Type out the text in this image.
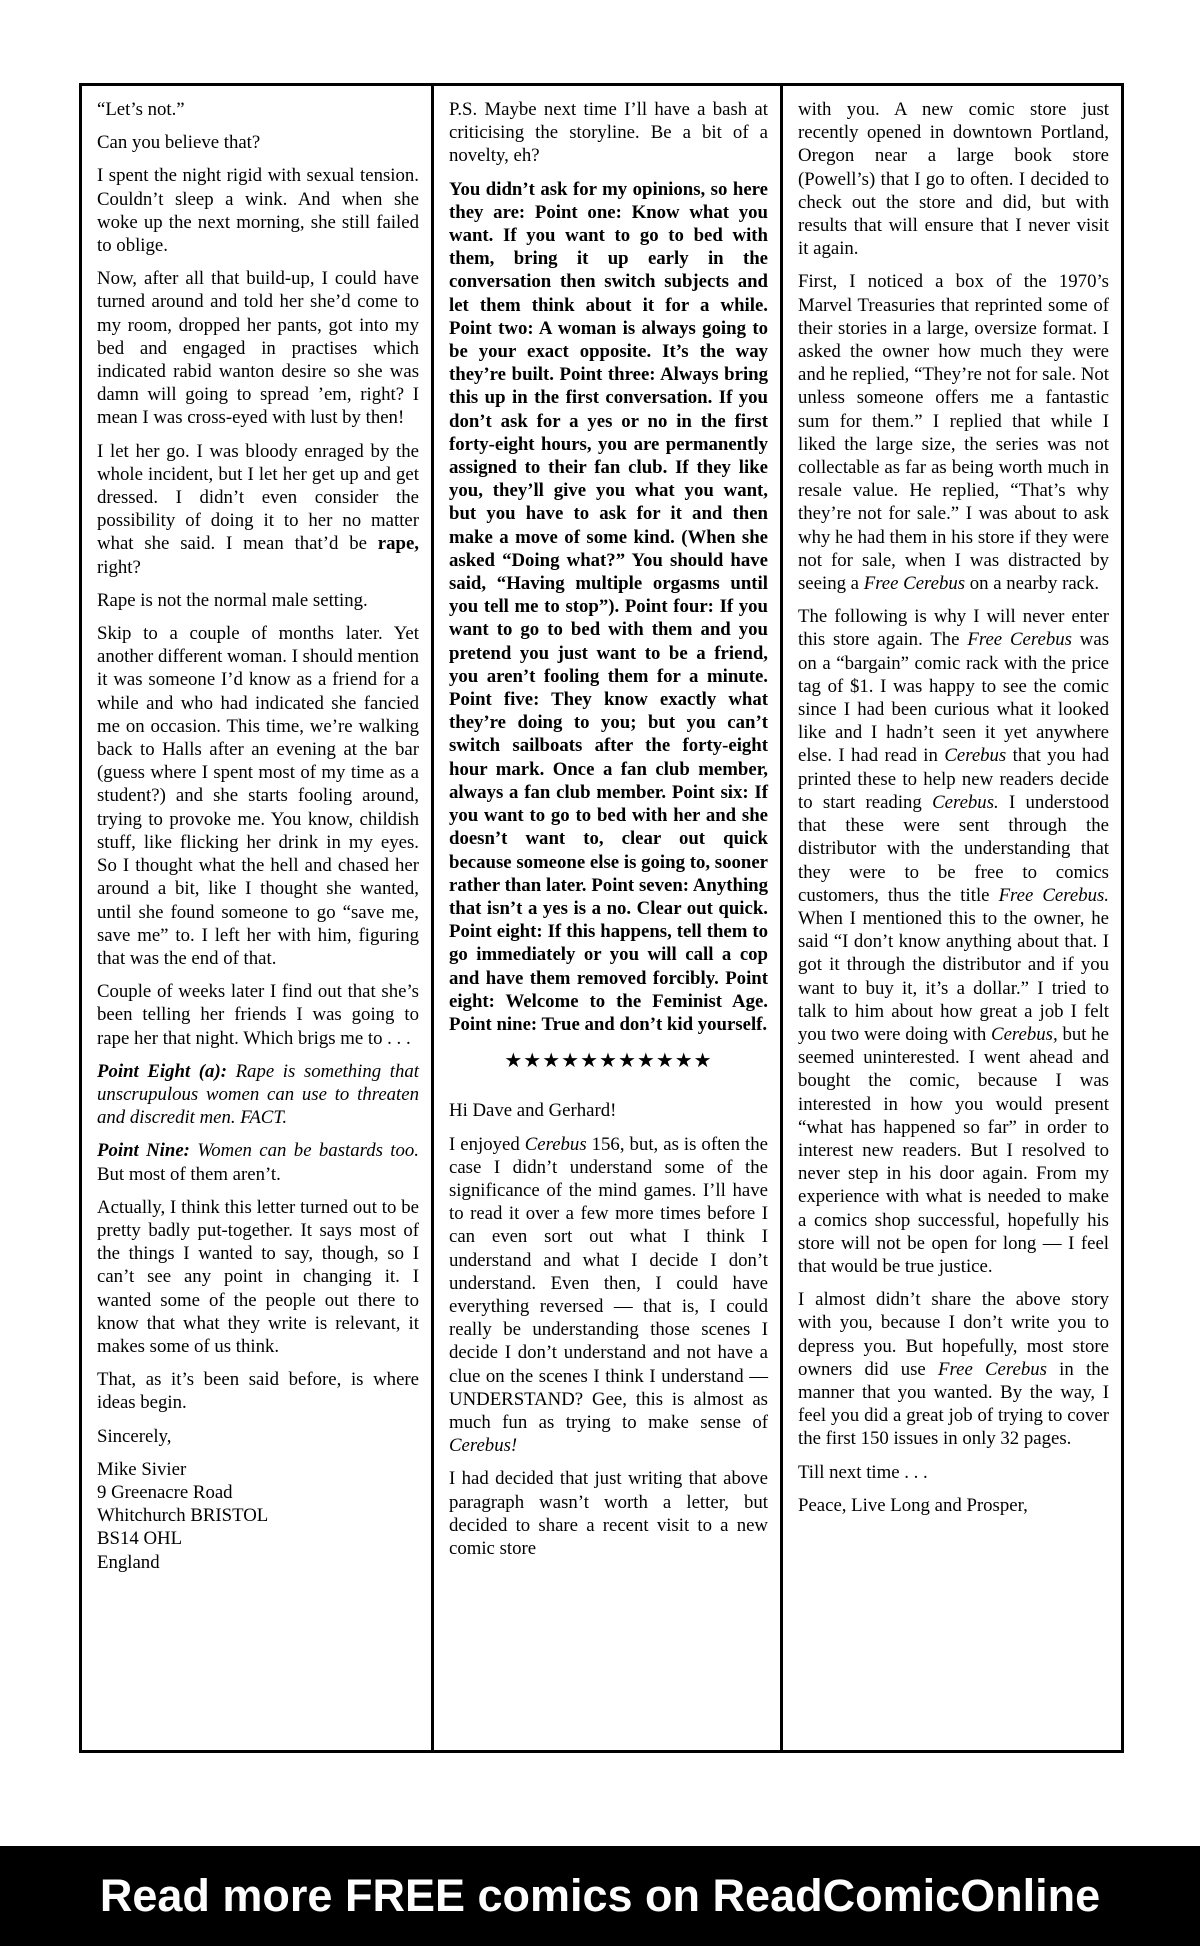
“Let’s not.”

Can you believe that?

I spent the night rigid with sexual tension. Couldn’t sleep a wink. And when she woke up the next morning, she still failed to oblige.

Now, after all that build-up, I could have turned around and told her she’d come to my room, dropped her pants, got into my bed and engaged in practises which indicated rabid wanton desire so she was damn will going to spread ’em, right? I mean I was cross-eyed with lust by then!

I let her go. I was bloody enraged by the whole incident, but I let her get up and get dressed. I didn’t even consider the possibility of doing it to her no matter what she said. I mean that’d be rape, right?

Rape is not the normal male setting.

Skip to a couple of months later. Yet another different woman. I should mention it was someone I’d know as a friend for a while and who had indicated she fancied me on occasion. This time, we’re walking back to Halls after an evening at the bar (guess where I spent most of my time as a student?) and she starts fooling around, trying to provoke me. You know, childish stuff, like flicking her drink in my eyes. So I thought what the hell and chased her around a bit, like I thought she wanted, until she found someone to go “save me, save me” to. I left her with him, figuring that was the end of that.

Couple of weeks later I find out that she’s been telling her friends I was going to rape her that night. Which brigs me to . . .

Point Eight (a): Rape is something that unscrupulous women can use to threaten and discredit men. FACT.

Point Nine: Women can be bastards too. But most of them aren’t.

Actually, I think this letter turned out to be pretty badly put-together. It says most of the things I wanted to say, though, so I can’t see any point in changing it. I wanted some of the people out there to know that what they write is relevant, it makes some of us think.

That, as it’s been said before, is where ideas begin.

Sincerely,

Mike Sivier

9 Greenacre Road

Whitchurch BRISTOL

BS14 OHL

England

P.S. Maybe next time I’ll have a bash at criticising the storyline. Be a bit of a novelty, eh?

You didn’t ask for my opinions, so here they are: Point one: Know what you want. If you want to go to bed with them, bring it up early in the conversation then switch subjects and let them think about it for a while. Point two: A woman is always going to be your exact opposite. It’s the way they’re built. Point three: Always bring this up in the first conversation. If you don’t ask for a yes or no in the first forty-eight hours, you are permanently assigned to their fan club. If they like you, they’ll give you what you want, but you have to ask for it and then make a move of some kind. (When she asked “Doing what?” You should have said, “Having multiple orgasms until you tell me to stop”). Point four: If you want to go to bed with them and you pretend you just want to be a friend, you aren’t fooling them for a minute. Point five: They know exactly what they’re doing to you; but you can’t switch sailboats after the forty-eight hour mark. Once a fan club member, always a fan club member. Point six: If you want to go to bed with her and she doesn’t want to, clear out quick because someone else is going to, sooner rather than later. Point seven: Anything that isn’t a yes is a no. Clear out quick. Point eight: If this happens, tell them to go immediately or you will call a cop and have them removed forcibly. Point eight: Welcome to the Feminist Age. Point nine: True and don’t kid yourself.

★★★★★★★★★★★

Hi Dave and Gerhard!

I enjoyed Cerebus 156, but, as is often the case I didn’t understand some of the significance of the mind games. I’ll have to read it over a few more times before I can even sort out what I think I understand and what I decide I don’t understand. Even then, I could have everything reversed — that is, I could really be understanding those scenes I decide I don’t understand and not have a clue on the scenes I think I understand — UNDERSTAND? Gee, this is almost as much fun as trying to make sense of Cerebus!

I had decided that just writing that above paragraph wasn’t worth a letter, but decided to share a recent visit to a new comic store

with you. A new comic store just recently opened in downtown Portland, Oregon near a large book store (Powell’s) that I go to often. I decided to check out the store and did, but with results that will ensure that I never visit it again.

First, I noticed a box of the 1970’s Marvel Treasuries that reprinted some of their stories in a large, oversize format. I asked the owner how much they were and he replied, “They’re not for sale. Not unless someone offers me a fantastic sum for them.” I replied that while I liked the large size, the series was not collectable as far as being worth much in resale value. He replied, “That’s why they’re not for sale.” I was about to ask why he had them in his store if they were not for sale, when I was distracted by seeing a Free Cerebus on a nearby rack.

The following is why I will never enter this store again. The Free Cerebus was on a “bargain” comic rack with the price tag of $1. I was happy to see the comic since I had been curious what it looked like and I hadn’t seen it yet anywhere else. I had read in Cerebus that you had printed these to help new readers decide to start reading Cerebus. I understood that these were sent through the distributor with the understanding that they were to be free to comics customers, thus the title Free Cerebus. When I mentioned this to the owner, he said “I don’t know anything about that. I got it through the distributor and if you want to buy it, it’s a dollar.” I tried to talk to him about how great a job I felt you two were doing with Cerebus, but he seemed uninterested. I went ahead and bought the comic, because I was interested in how you would present “what has happened so far” in order to interest new readers. But I resolved to never step in his door again. From my experience with what is needed to make a comics shop successful, hopefully his store will not be open for long — I feel that would be true justice.

I almost didn’t share the above story with you, because I don’t write you to depress you. But hopefully, most store owners did use Free Cerebus in the manner that you wanted. By the way, I feel you did a great job of trying to cover the first 150 issues in only 32 pages.

Till next time . . .

Peace, Live Long and Prosper,

Read more FREE comics on ReadComicOnline
